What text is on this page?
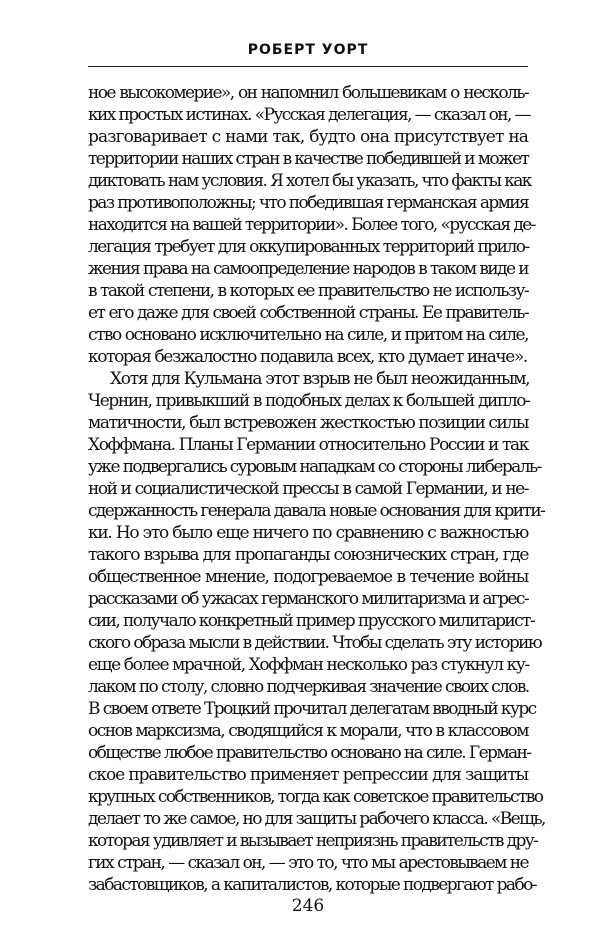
РОБЕРТ УОРТ
ное высокомерие», он напомнил большевикам о несколь-
ких простых истинах. «Русская делегация, — сказал он, —
разговаривает с нами так, будто она присутствует на
территории наших стран в качестве победившей и может
диктовать нам условия. Я хотел бы указать, что факты как
раз противоположны; что победившая германская армия
находится на вашей территории». Более того, «русская де-
легация требует для оккупированных территорий прило-
жения права на самоопределение народов в таком виде и
в такой степени, в которых ее правительство не использу-
ет его даже для своей собственной страны. Ее правитель-
ство основано исключительно на силе, и притом на силе,
которая безжалостно подавила всех, кто думает иначе».
Хотя для Кульмана этот взрыв не был неожиданным,
Чернин, привыкший в подобных делах к большей дипло-
матичности, был встревожен жесткостью позиции силы
Хоффмана. Планы Германии относительно России и так
уже подвергались суровым нападкам со стороны либераль-
ной и социалистической прессы в самой Германии, и не-
сдержанность генерала давала новые основания для крити-
ки. Но это было еще ничего по сравнению с важностью
такого взрыва для пропаганды союзнических стран, где
общественное мнение, подогреваемое в течение войны
рассказами об ужасах германского милитаризма и агрес-
сии, получало конкретный пример прусского милитарист-
ского образа мысли в действии. Чтобы сделать эту историю
еще более мрачной, Хоффман несколько раз стукнул ку-
лаком по столу, словно подчеркивая значение своих слов.
В своем ответе Троцкий прочитал делегатам вводный курс
основ марксизма, сводящийся к морали, что в классовом
обществе любое правительство основано на силе. Герман-
ское правительство применяет репрессии для защиты
крупных собственников, тогда как советское правительство
делает то же самое, но для защиты рабочего класса. «Вещь,
которая удивляет и вызывает неприязнь правительств дру-
гих стран, — сказал он, — это то, что мы арестовываем не
забастовщиков, а капиталистов, которые подвергают рабо-
246
